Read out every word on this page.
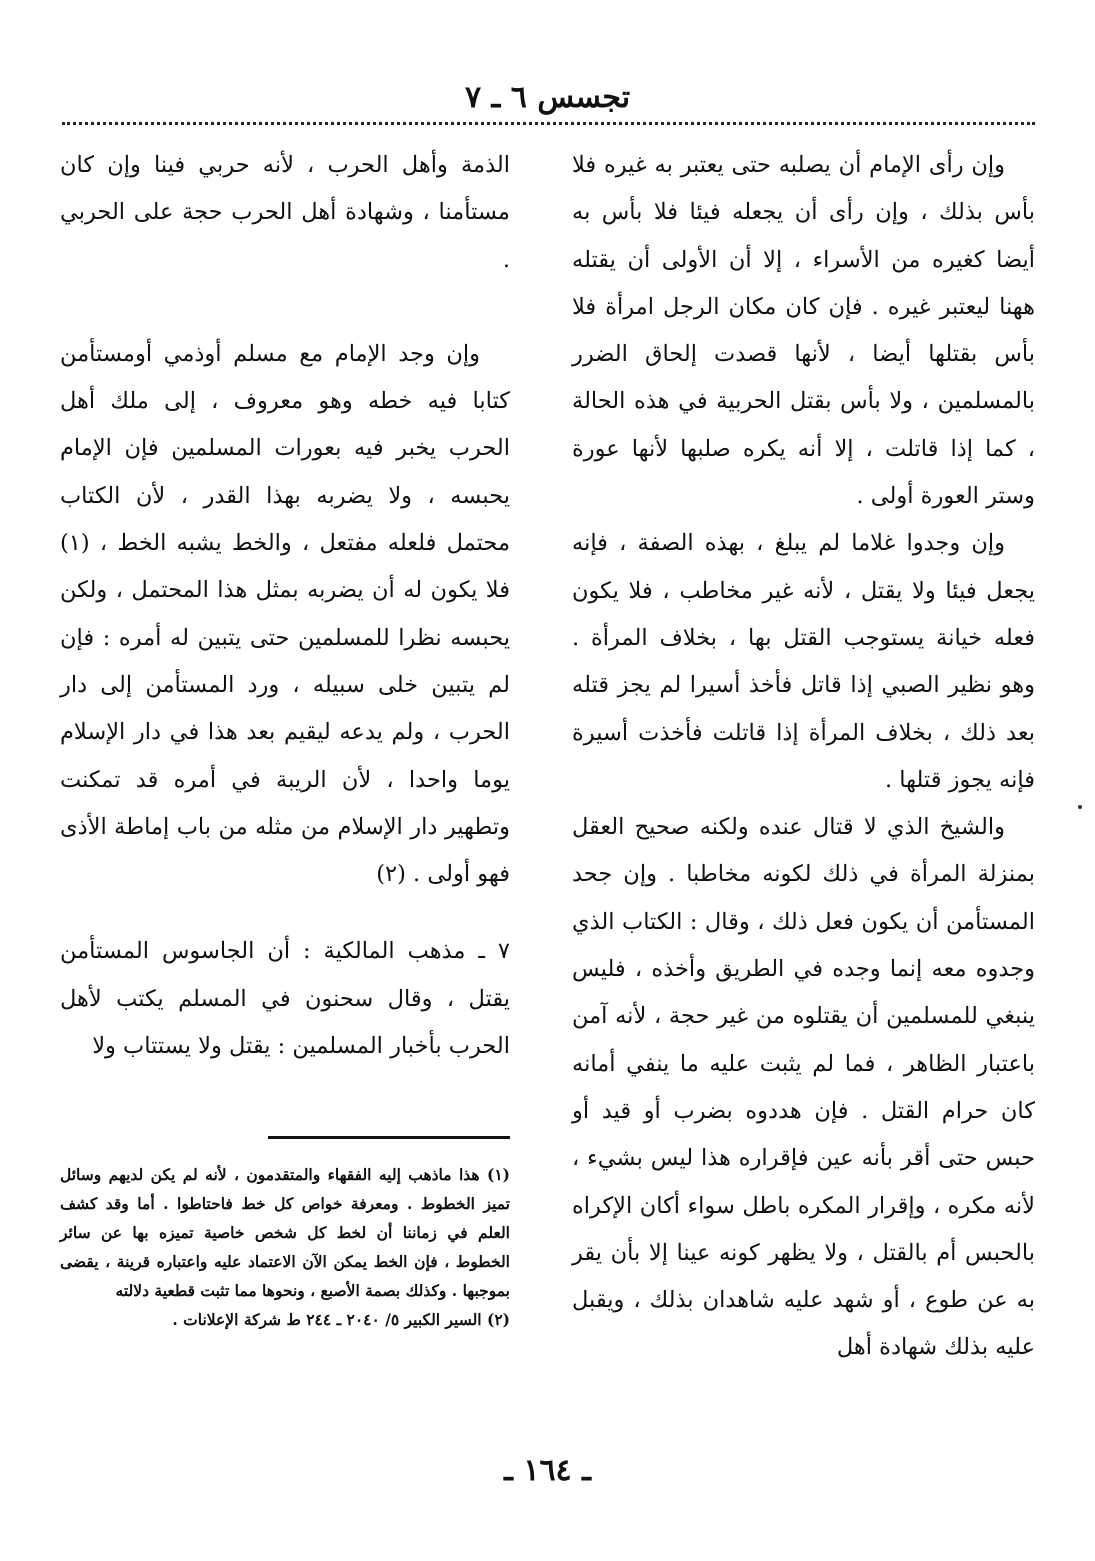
تجسس ٦ ـ ٧

وإن رأى الإمام أن يصلبه حتى يعتبر به غيره فلا بأس بذلك ، وإن رأى أن يجعله فيئا فلا بأس به أيضا كغيره من الأسراء ، إلا أن الأولى أن يقتله ههنا ليعتبر غيره . فإن كان مكان الرجل امرأة فلا بأس بقتلها أيضا ، لأنها قصدت إلحاق الضرر بالمسلمين ، ولا بأس بقتل الحربية في هذه الحالة ، كما إذا قاتلت ، إلا أنه يكره صلبها لأنها عورة وستر العورة أولى .

وإن وجدوا غلاما لم يبلغ ، بهذه الصفة ، فإنه يجعل فيئا ولا يقتل ، لأنه غير مخاطب ، فلا يكون فعله خيانة يستوجب القتل بها ، بخلاف المرأة . وهو نظير الصبي إذا قاتل فأخذ أسيرا لم يجز قتله بعد ذلك ، بخلاف المرأة إذا قاتلت فأخذت أسيرة فإنه يجوز قتلها .

والشيخ الذي لا قتال عنده ولكنه صحيح العقل بمنزلة المرأة في ذلك لكونه مخاطبا . وإن جحد المستأمن أن يكون فعل ذلك ، وقال : الكتاب الذي وجدوه معه إنما وجده في الطريق وأخذه ، فليس ينبغي للمسلمين أن يقتلوه من غير حجة ، لأنه آمن باعتبار الظاهر ، فما لم يثبت عليه ما ينفي أمانه كان حرام القتل . فإن هددوه بضرب أو قيد أو حبس حتى أقر بأنه عين فإقراره هذا ليس بشيء ، لأنه مكره ، وإقرار المكره باطل سواء أكان الإكراه بالحبس أم بالقتل ، ولا يظهر كونه عينا إلا بأن يقر به عن طوع ، أو شهد عليه شاهدان بذلك ، ويقبل عليه بذلك شهادة أهل

الذمة وأهل الحرب ، لأنه حربي فينا وإن كان مستأمنا ، وشهادة أهل الحرب حجة على الحربي .

وإن وجد الإمام مع مسلم أوذمي أومستأمن كتابا فيه خطه وهو معروف ، إلى ملك أهل الحرب يخبر فيه بعورات المسلمين فإن الإمام يحبسه ، ولا يضربه بهذا القدر ، لأن الكتاب محتمل فلعله مفتعل ، والخط يشبه الخط ، (١) فلا يكون له أن يضربه بمثل هذا المحتمل ، ولكن يحبسه نظرا للمسلمين حتى يتبين له أمره : فإن لم يتبين خلى سبيله ، ورد المستأمن إلى دار الحرب ، ولم يدعه ليقيم بعد هذا في دار الإسلام يوما واحدا ، لأن الريبة في أمره قد تمكنت وتطهير دار الإسلام من مثله من باب إماطة الأذى فهو أولى . (٢)

٧ ـ مذهب المالكية : أن الجاسوس المستأمن يقتل ، وقال سحنون في المسلم يكتب لأهل الحرب بأخبار المسلمين : يقتل ولا يستتاب ولا

(١) هذا ماذهب إليه الفقهاء والمتقدمون ، لأنه لم يكن لديهم وسائل تميز الخطوط . ومعرفة خواص كل خط فاحتاطوا . أما وقد كشف العلم في زماننا أن لخط كل شخص خاصية تميزه بها عن سائر الخطوط ، فإن الخط يمكن الآن الاعتماد عليه واعتباره قرينة ، يقضى بموجبها . وكذلك بصمة الأصبع ، ونحوها مما تثبت قطعية دلالته

(٢) السير الكبير ٥/ ٢٠٤٠ ـ ٢٤٤ ط شركة الإعلانات .

ـ ١٦٤ ـ
